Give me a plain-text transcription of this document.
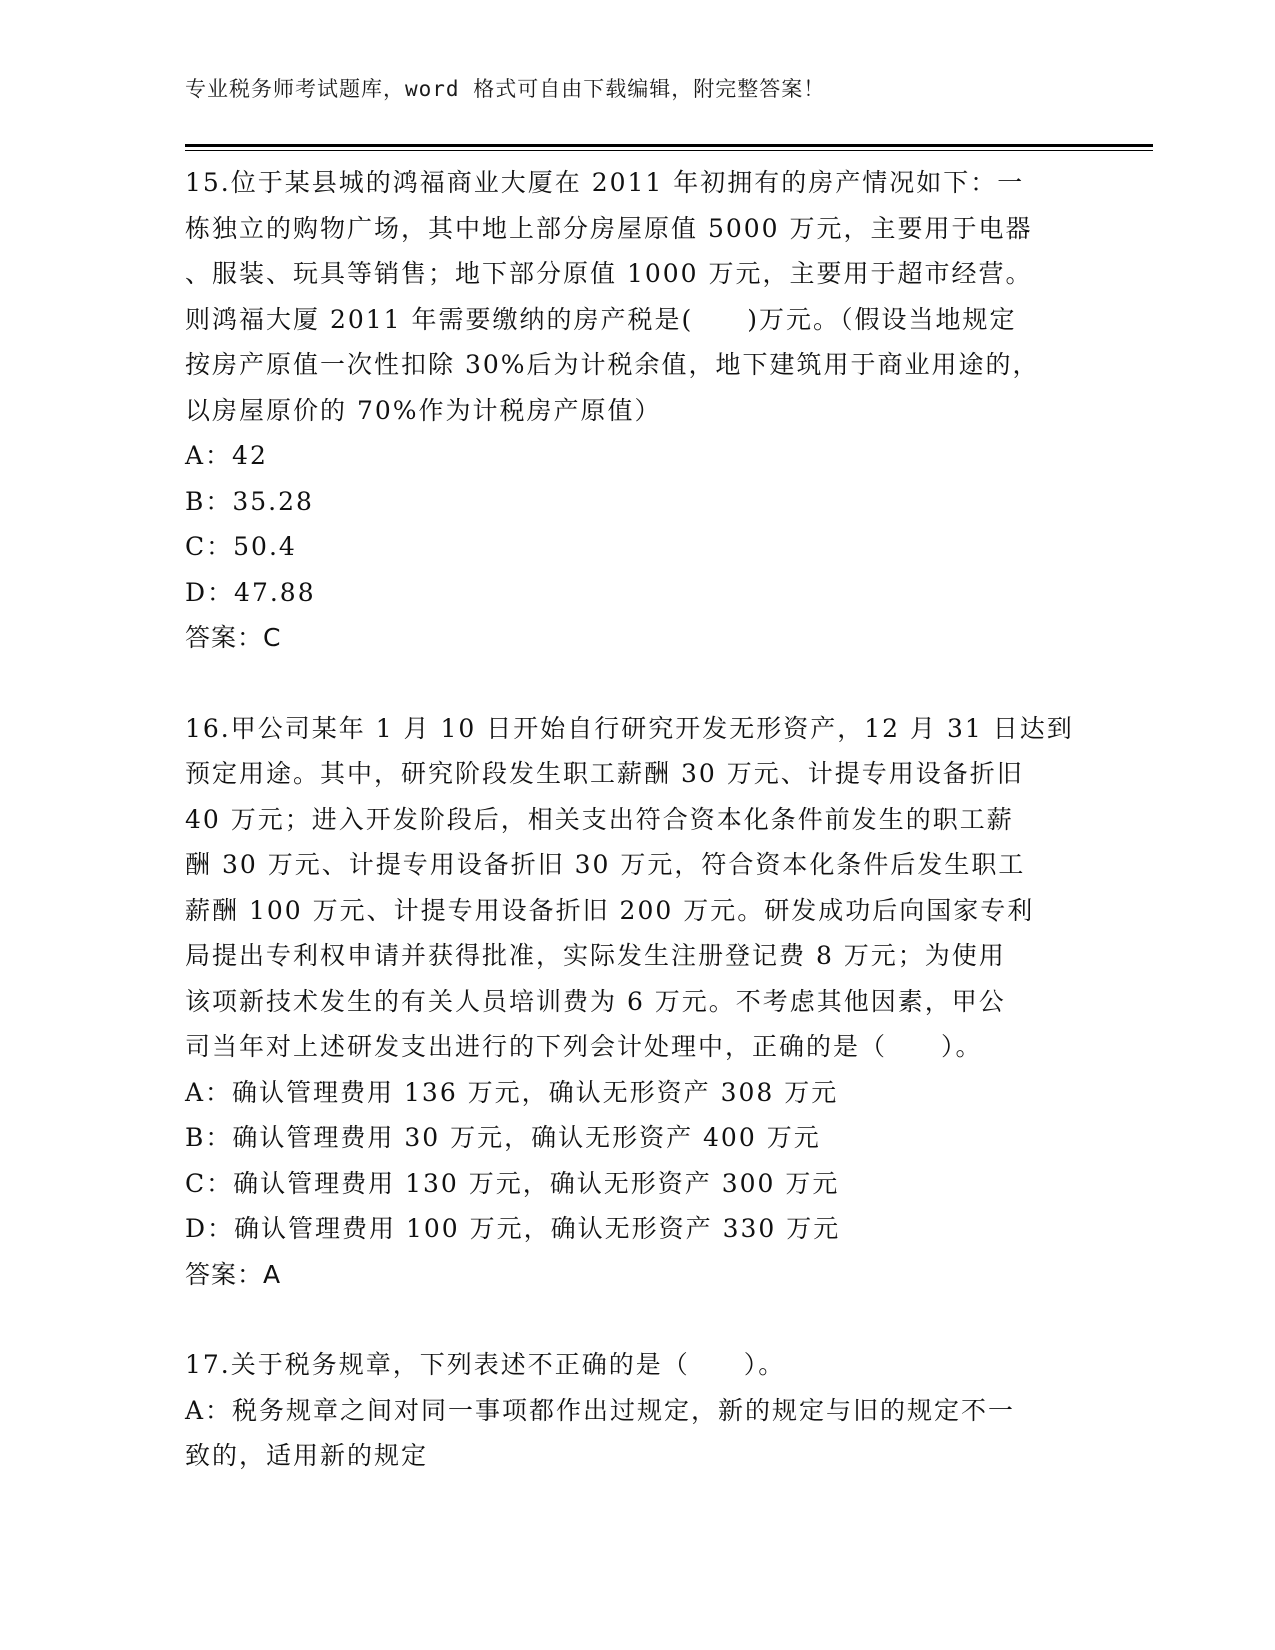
专业税务师考试题库，word 格式可自由下载编辑，附完整答案！
15.位于某县城的鸿福商业大厦在 2011 年初拥有的房产情况如下：一
栋独立的购物广场，其中地上部分房屋原值 5000 万元，主要用于电器
、服装、玩具等销售；地下部分原值 1000 万元，主要用于超市经营。
则鸿福大厦 2011 年需要缴纳的房产税是(　　)万元。（假设当地规定
按房产原值一次性扣除 30%后为计税余值，地下建筑用于商业用途的，
以房屋原价的 70%作为计税房产原值）
A：42
B：35.28
C：50.4
D：47.88
答案：C
16.甲公司某年 1 月 10 日开始自行研究开发无形资产，12 月 31 日达到
预定用途。其中，研究阶段发生职工薪酬 30 万元、计提专用设备折旧
40 万元；进入开发阶段后，相关支出符合资本化条件前发生的职工薪
酬 30 万元、计提专用设备折旧 30 万元，符合资本化条件后发生职工
薪酬 100 万元、计提专用设备折旧 200 万元。研发成功后向国家专利
局提出专利权申请并获得批准，实际发生注册登记费 8 万元；为使用
该项新技术发生的有关人员培训费为 6 万元。不考虑其他因素，甲公
司当年对上述研发支出进行的下列会计处理中，正确的是（　　）。
A：确认管理费用 136 万元，确认无形资产 308 万元
B：确认管理费用 30 万元，确认无形资产 400 万元
C：确认管理费用 130 万元，确认无形资产 300 万元
D：确认管理费用 100 万元，确认无形资产 330 万元
答案：A
17.关于税务规章，下列表述不正确的是（　　）。
A：税务规章之间对同一事项都作出过规定，新的规定与旧的规定不一
致的，适用新的规定
